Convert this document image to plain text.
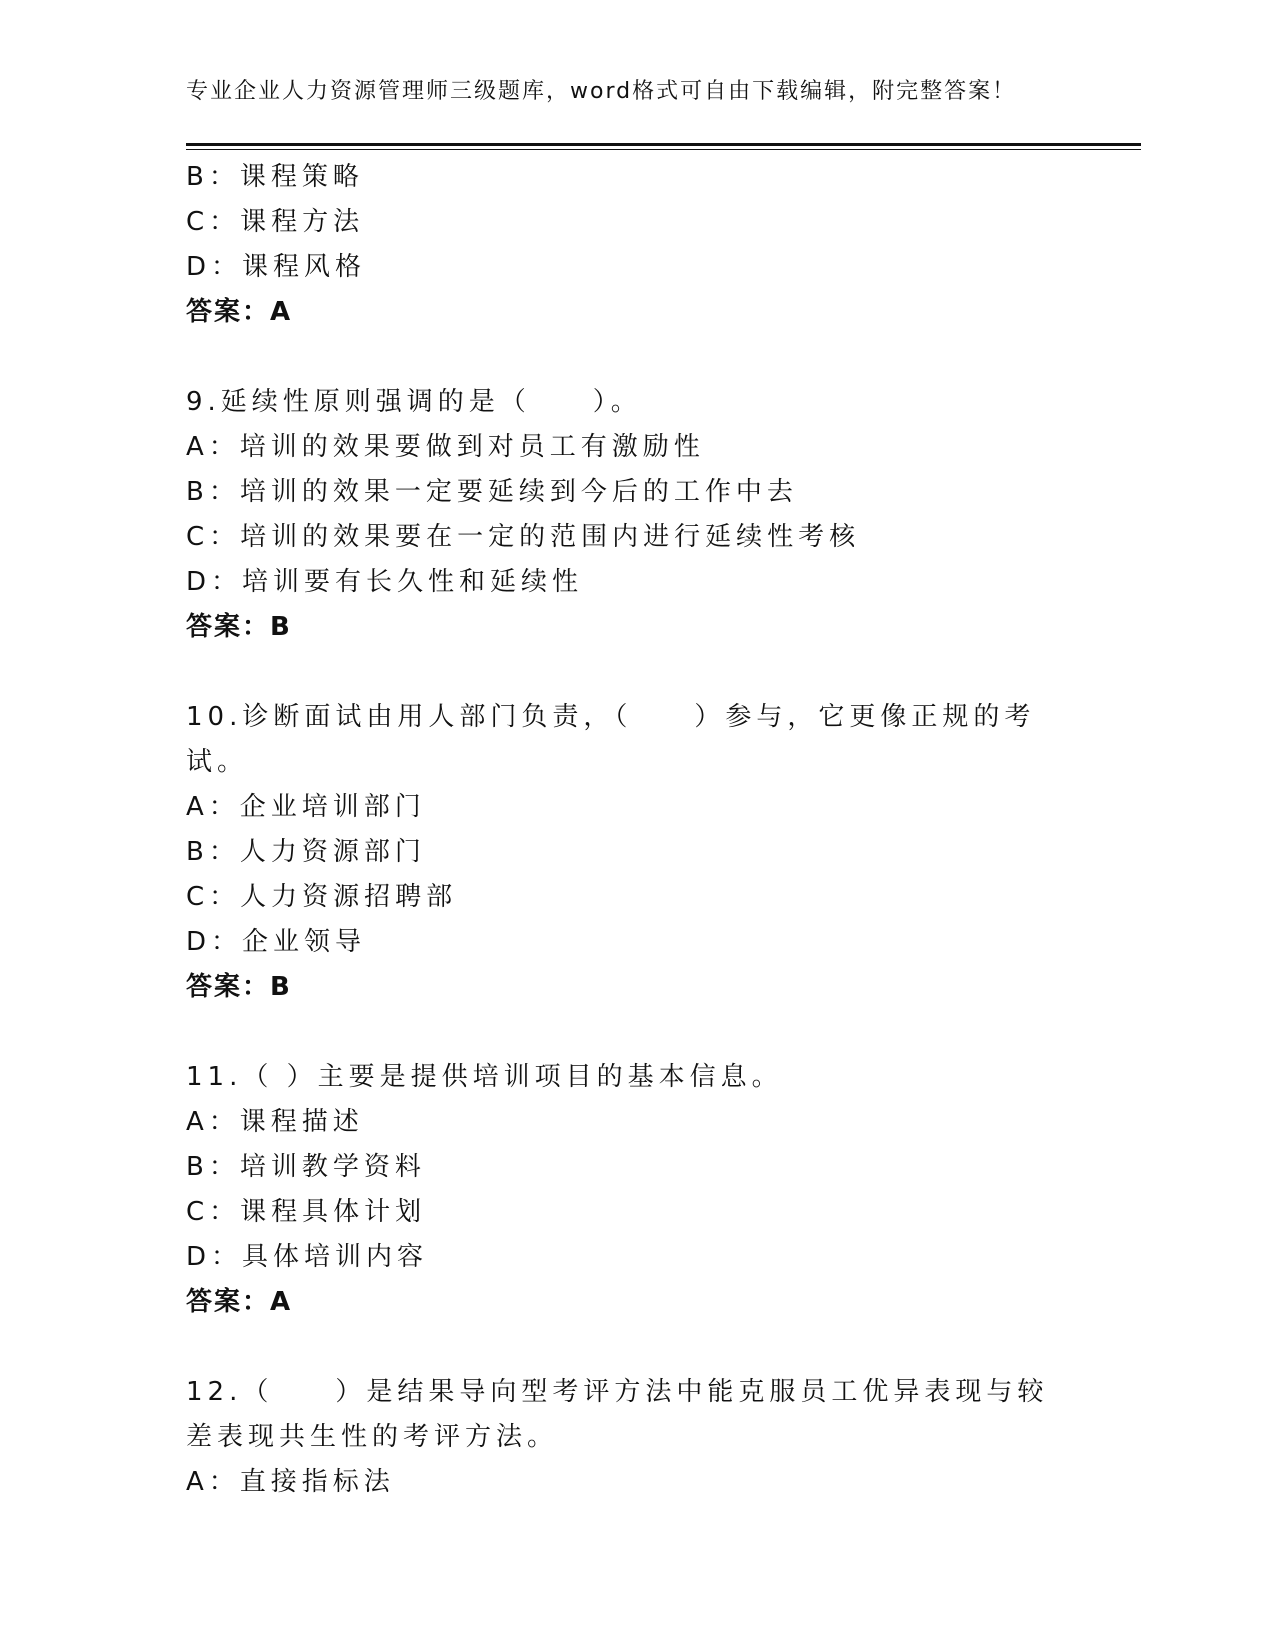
专业企业人力资源管理师三级题库，word格式可自由下载编辑，附完整答案！
B：课程策略
C：课程方法
D：课程风格
答案：A
9.延续性原则强调的是（　　）。
A：培训的效果要做到对员工有激励性
B：培训的效果一定要延续到今后的工作中去
C：培训的效果要在一定的范围内进行延续性考核
D：培训要有长久性和延续性
答案：B
10.诊断面试由用人部门负责，（　　）参与，它更像正规的考试。
A：企业培训部门
B：人力资源部门
C：人力资源招聘部
D：企业领导
答案：B
11.（ ）主要是提供培训项目的基本信息。
A：课程描述
B：培训教学资料
C：课程具体计划
D：具体培训内容
答案：A
12.（　　）是结果导向型考评方法中能克服员工优异表现与较差表现共生性的考评方法。
A：直接指标法
